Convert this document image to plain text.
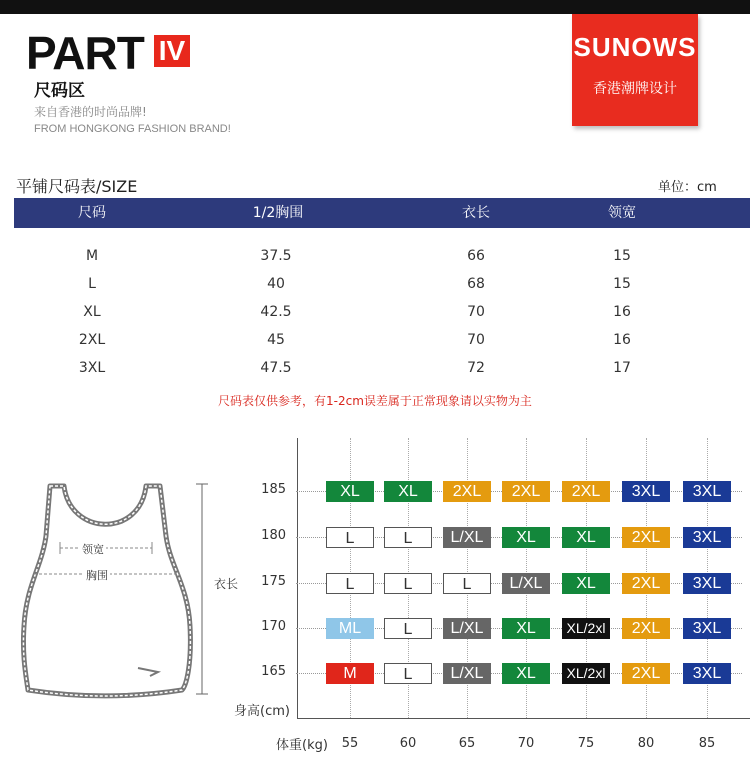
PART IV
尺码区
来自香港的时尚品牌!
FROM HONGKONG FASHION BRAND!
SUNOWS
香港潮牌设计
平铺尺码表/SIZE	单位：cm
尺码	1/2胸围	衣长	领宽
M	37.5	66	15
L	40	68	15
XL	42.5	70	16
2XL	45	70	16
3XL	47.5	72	17
尺码表仅供参考，有1-2cm误差属于正常现象请以实物为主
领宽
胸围
衣长
55	60	65	70	75	80	85
185	XL	XL	2XL	2XL	2XL	3XL	3XL
180	L	L	L/XL	XL	XL	2XL	3XL
175	L	L	L	L/XL	XL	2XL	3XL
170	ML	L	L/XL	XL	XL/2xl	2XL	3XL
165	M	L	L/XL	XL	XL/2xl	2XL	3XL
身高(cm)
体重(kg)
